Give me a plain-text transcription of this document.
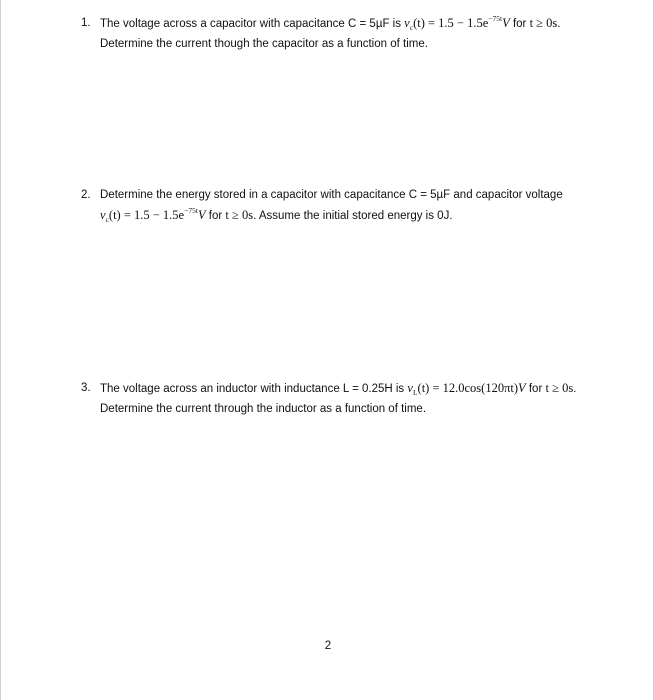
1. The voltage across a capacitor with capacitance C = 5µF is $v_c(t) = 1.5 - 1.5e^{-75t}V$ for t ≥ 0s. Determine the current though the capacitor as a function of time.
2. Determine the energy stored in a capacitor with capacitance C = 5µF and capacitor voltage $v_c(t) = 1.5 - 1.5e^{-75t}V$ for t ≥ 0s. Assume the initial stored energy is 0J.
3. The voltage across an inductor with inductance L = 0.25H is $v_L(t) = 12.0\cos(120\pi t)V$ for t ≥ 0s. Determine the current through the inductor as a function of time.
2
